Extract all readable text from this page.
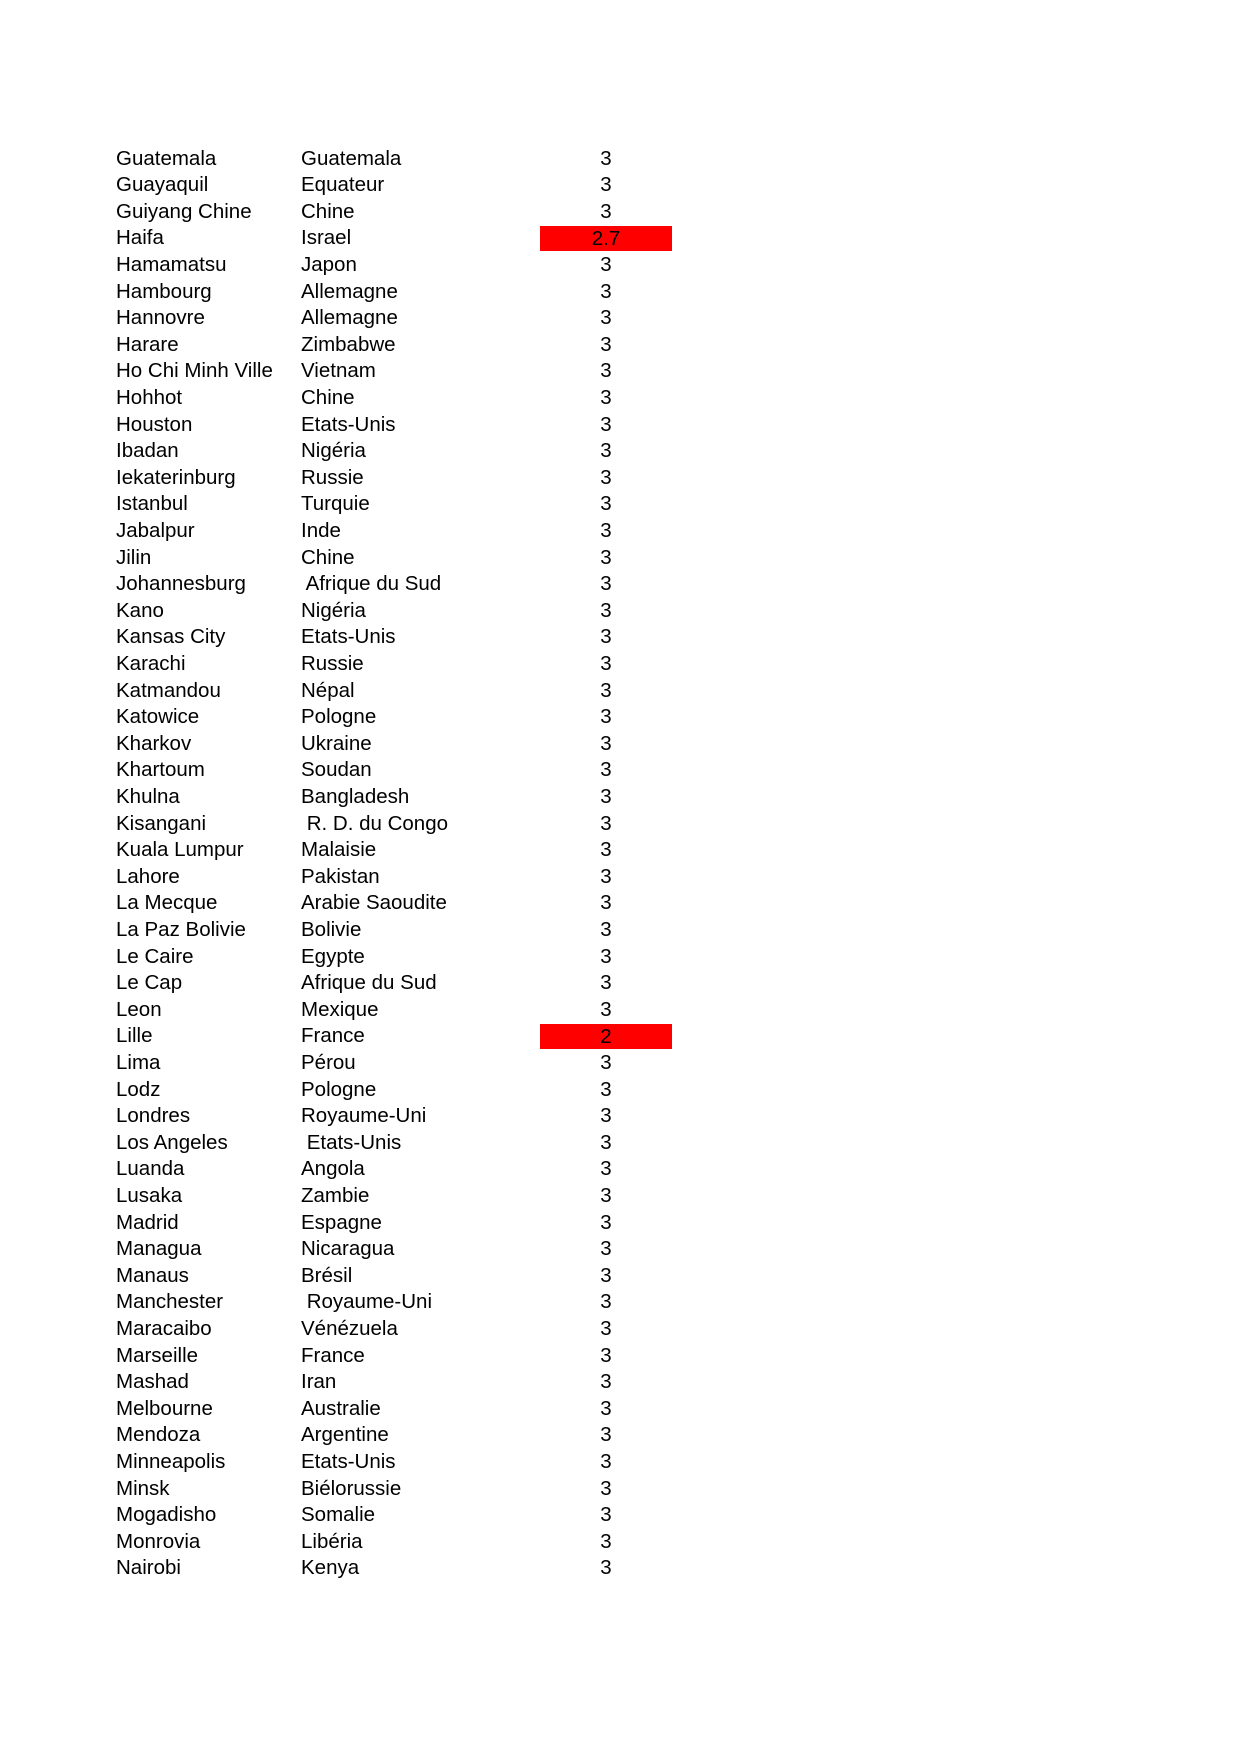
Guatemala	Guatemala	3
Guayaquil	Equateur	3
Guiyang Chine	Chine	3
Haifa	Israel	2.7
Hamamatsu	Japon	3
Hambourg	Allemagne	3
Hannovre	Allemagne	3
Harare	Zimbabwe	3
Ho Chi Minh Ville	Vietnam	3
Hohhot	Chine	3
Houston	Etats-Unis	3
Ibadan	Nigéria	3
Iekaterinburg	Russie	3
Istanbul	Turquie	3
Jabalpur	Inde	3
Jilin	Chine	3
Johannesburg	Afrique du Sud	3
Kano	Nigéria	3
Kansas City	Etats-Unis	3
Karachi	Russie	3
Katmandou	Népal	3
Katowice	Pologne	3
Kharkov	Ukraine	3
Khartoum	Soudan	3
Khulna	Bangladesh	3
Kisangani	R. D. du Congo	3
Kuala Lumpur	Malaisie	3
Lahore	Pakistan	3
La Mecque	Arabie Saoudite	3
La Paz Bolivie	Bolivie	3
Le Caire	Egypte	3
Le Cap	Afrique du Sud	3
Leon	Mexique	3
Lille	France	2
Lima	Pérou	3
Lodz	Pologne	3
Londres	Royaume-Uni	3
Los Angeles	Etats-Unis	3
Luanda	Angola	3
Lusaka	Zambie	3
Madrid	Espagne	3
Managua	Nicaragua	3
Manaus	Brésil	3
Manchester	Royaume-Uni	3
Maracaibo	Vénézuela	3
Marseille	France	3
Mashad	Iran	3
Melbourne	Australie	3
Mendoza	Argentine	3
Minneapolis	Etats-Unis	3
Minsk	Biélorussie	3
Mogadisho	Somalie	3
Monrovia	Libéria	3
Nairobi	Kenya	3
